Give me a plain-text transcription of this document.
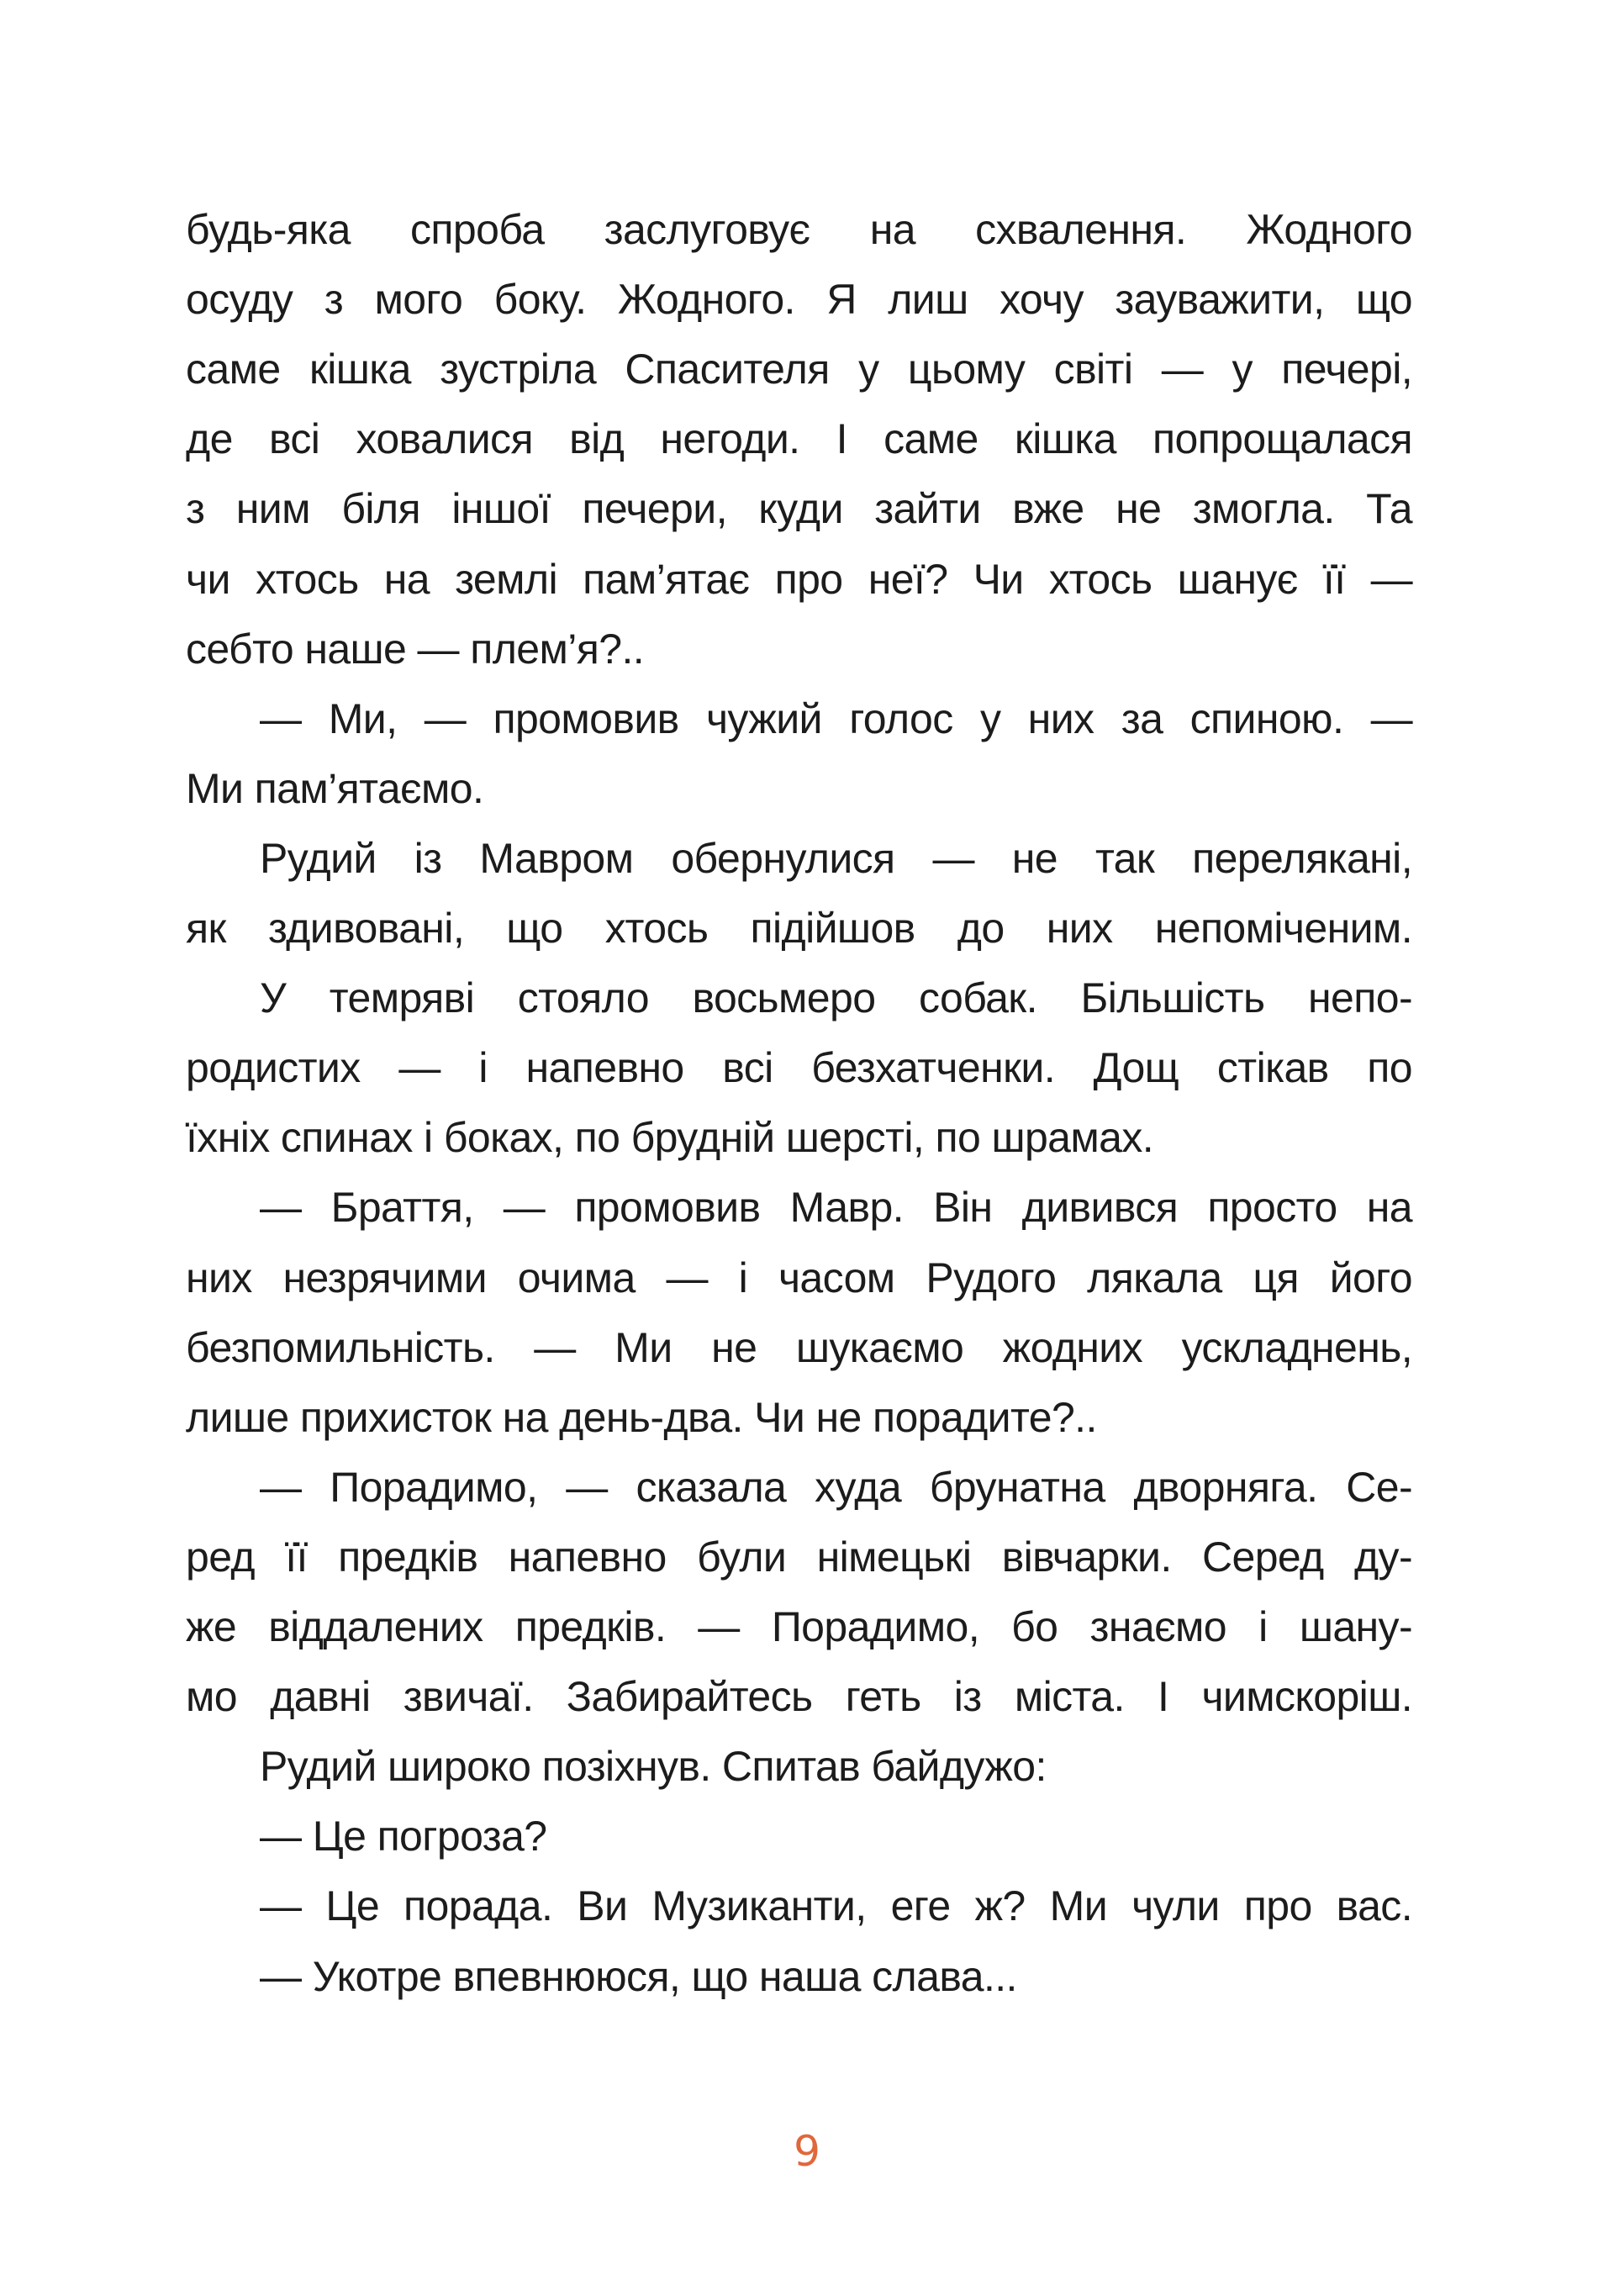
будь-яка спроба заслуговує на схвалення. Жодного
осуду з мого боку. Жодного. Я лиш хочу зауважити, що
саме кішка зустріла Спасителя у цьому світі — у печері,
де всі ховалися від негоди. І саме кішка попрощалася
з ним біля іншої печери, куди зайти вже не змогла. Та
чи хтось на землі пам’ятає про неї? Чи хтось шанує її —
себто наше — плем’я?..
— Ми, — промовив чужий голос у них за спиною. —
Ми пам’ятаємо.
Рудий із Мавром обернулися — не так перелякані,
як здивовані, що хтось підійшов до них непоміченим.
У темряві стояло восьмеро собак. Більшість непо-
родистих — і напевно всі безхатченки. Дощ стікав по
їхніх спинах і боках, по брудній шерсті, по шрамах.
— Браття, — промовив Мавр. Він дивився просто на
них незрячими очима — і часом Рудого лякала ця його
безпомильність. — Ми не шукаємо жодних ускладнень,
лише прихисток на день-два. Чи не порадите?..
— Порадимо, — сказала худа брунатна дворняга. Се-
ред її предків напевно були німецькі вівчарки. Серед ду-
же віддалених предків. — Порадимо, бо знаємо і шану-
мо давні звичаї. Забирайтесь геть із міста. І чимскоріш.
Рудий широко позіхнув. Спитав байдужо:
— Це погроза?
— Це порада. Ви Музиканти, еге ж? Ми чули про вас.
— Укотре впевнююся, що наша слава...
9
